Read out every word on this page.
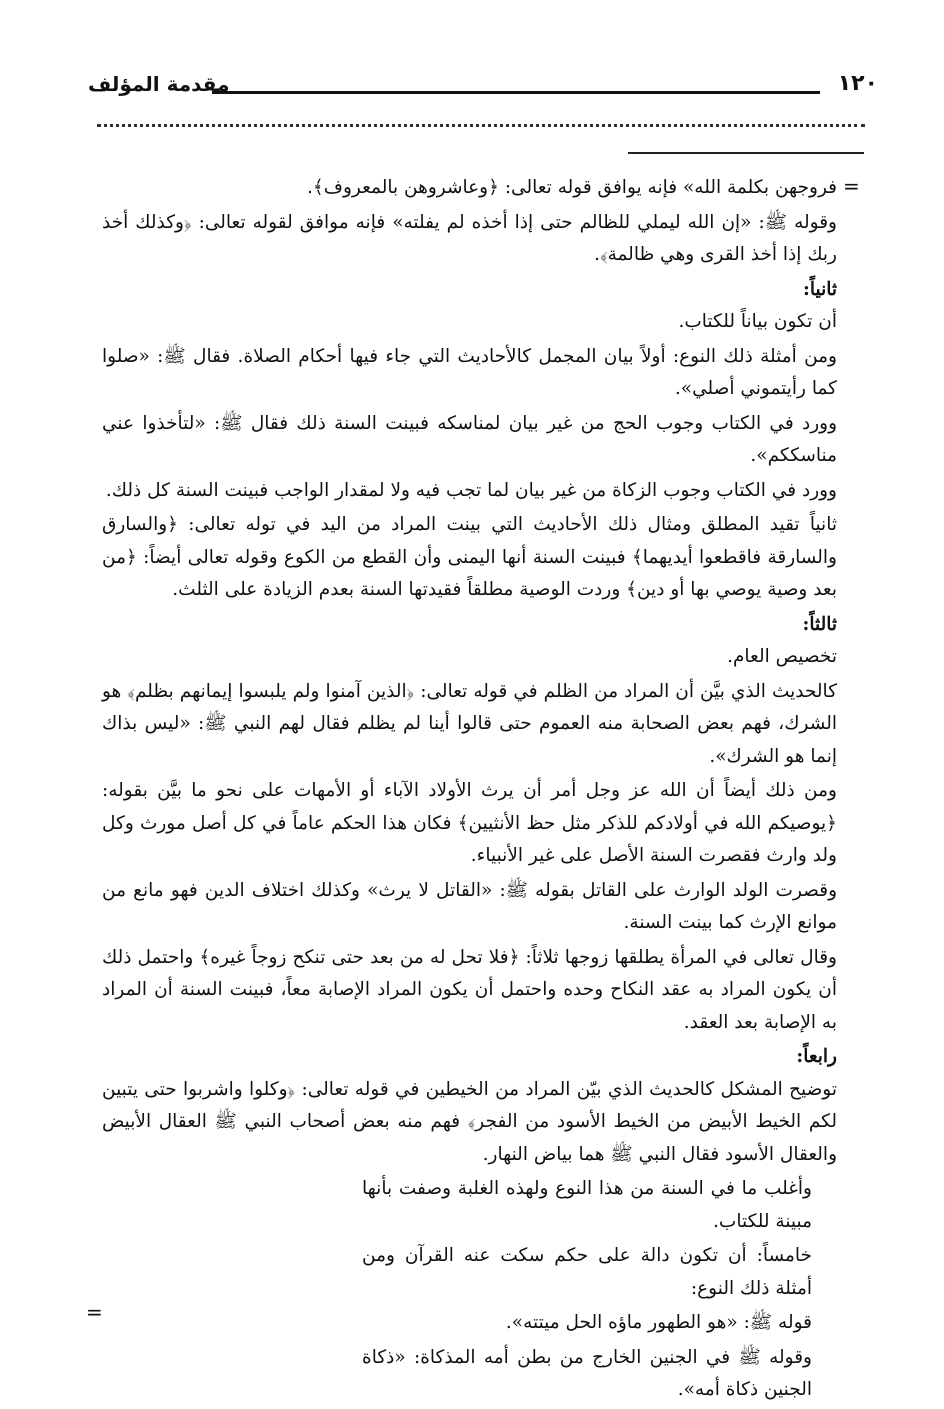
١٢٠
مقدمة المؤلف
=
=

فروجهن بكلمة الله» فإنه يوافق قوله تعالى: ﴿وعاشروهن بالمعروف﴾.

وقوله ﷺ: «إن الله ليملي للظالم حتى إذا أخذه لم يفلته» فإنه موافق لقوله تعالى: ﴿وكذلك أخذ ربك إذا أخذ القرى وهي ظالمة﴾.

ثانياً:

أن تكون بياناً للكتاب.

ومن أمثلة ذلك النوع: أولاً بيان المجمل كالأحاديث التي جاء فيها أحكام الصلاة. فقال ﷺ: «صلوا كما رأيتموني أصلي».

وورد في الكتاب وجوب الحج من غير بيان لمناسكه فبينت السنة ذلك فقال ﷺ: «لتأخذوا عني مناسككم».

وورد في الكتاب وجوب الزكاة من غير بيان لما تجب فيه ولا لمقدار الواجب فبينت السنة كل ذلك.

ثانياً تقيد المطلق ومثال ذلك الأحاديث التي بينت المراد من اليد في توله تعالى: ﴿والسارق والسارقة فاقطعوا أيديهما﴾ فبينت السنة أنها اليمنى وأن القطع من الكوع وقوله تعالى أيضاً: ﴿من بعد وصية يوصي بها أو دين﴾ وردت الوصية مطلقاً فقيدتها السنة بعدم الزيادة على الثلث.

ثالثاً:

تخصيص العام.

كالحديث الذي بيَّن أن المراد من الظلم في قوله تعالى: ﴿الذين آمنوا ولم يلبسوا إيمانهم بظلم﴾ هو الشرك، فهم بعض الصحابة منه العموم حتى قالوا أينا لم يظلم فقال لهم النبي ﷺ: «ليس بذاك إنما هو الشرك».

ومن ذلك أيضاً أن الله عز وجل أمر أن يرث الأولاد الآباء أو الأمهات على نحو ما بيَّن بقوله: ﴿يوصيكم الله في أولادكم للذكر مثل حظ الأنثيين﴾ فكان هذا الحكم عاماً في كل أصل مورث وكل ولد وارث فقصرت السنة الأصل على غير الأنبياء.

وقصرت الولد الوارث على القاتل بقوله ﷺ: «القاتل لا يرث» وكذلك اختلاف الدين فهو مانع من موانع الإرث كما بينت السنة.

وقال تعالى في المرأة يطلقها زوجها ثلاثاً: ﴿فلا تحل له من بعد حتى تنكح زوجاً غيره﴾ واحتمل ذلك أن يكون المراد به عقد النكاح وحده واحتمل أن يكون المراد الإصابة معاً، فبينت السنة أن المراد به الإصابة بعد العقد.

رابعاً:

توضيح المشكل كالحديث الذي بيّن المراد من الخيطين في قوله تعالى: ﴿وكلوا واشربوا حتى يتبين لكم الخيط الأبيض من الخيط الأسود من الفجر﴾ فهم منه بعض أصحاب النبي ﷺ العقال الأبيض والعقال الأسود فقال النبي ﷺ هما بياض النهار.

وأغلب ما في السنة من هذا النوع ولهذه الغلبة وصفت بأنها مبينة للكتاب.

خامساً: أن تكون دالة على حكم سكت عنه القرآن ومن أمثلة ذلك النوع:

قوله ﷺ: «هو الطهور ماؤه الحل ميتته».

وقوله ﷺ في الجنين الخارج من بطن أمه المذكاة: «ذكاة الجنين ذكاة أمه».
